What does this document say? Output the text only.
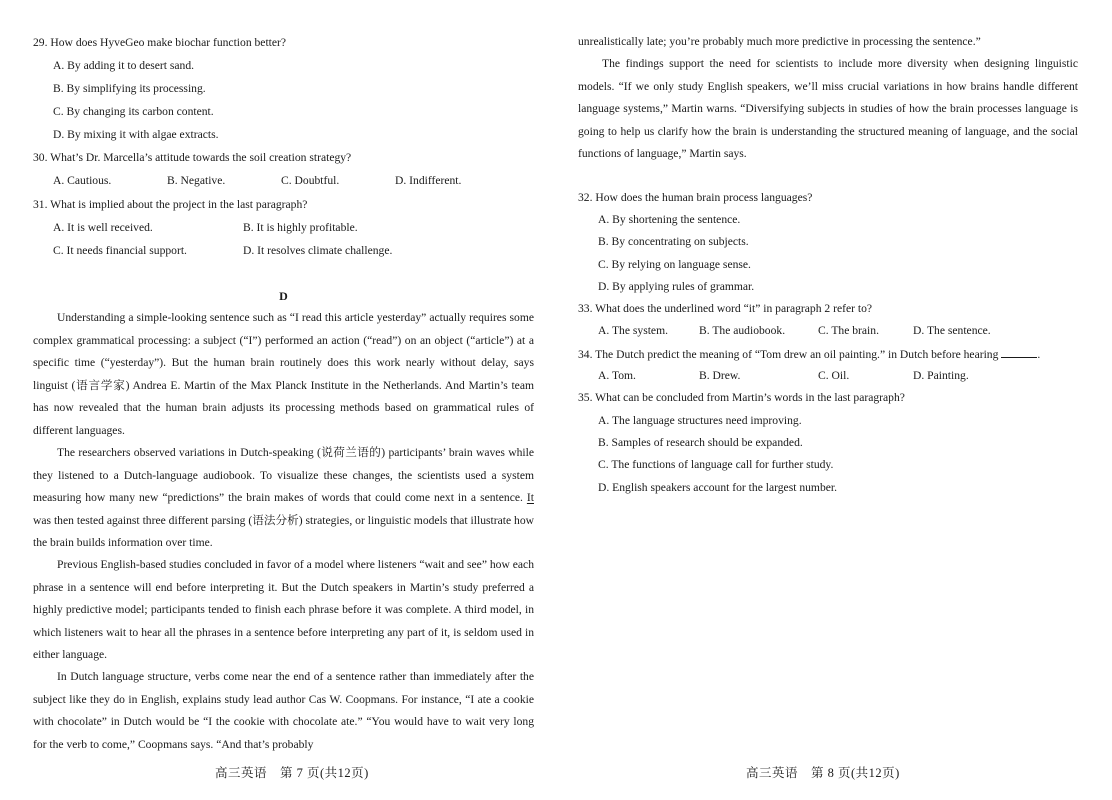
29. How does HyveGeo make biochar function better?
A. By adding it to desert sand.
B. By simplifying its processing.
C. By changing its carbon content.
D. By mixing it with algae extracts.
30. What’s Dr. Marcella’s attitude towards the soil creation strategy?
A. Cautious.	B. Negative.	C. Doubtful.	D. Indifferent.
31. What is implied about the project in the last paragraph?
A. It is well received.	B. It is highly profitable.
C. It needs financial support.	D. It resolves climate challenge.
D
Understanding a simple-looking sentence such as “I read this article yesterday” actually requires some complex grammatical processing: a subject (“I”) performed an action (“read”) on an object (“article”) at a specific time (“yesterday”). But the human brain routinely does this work nearly without delay, says linguist (语言学家) Andrea E. Martin of the Max Planck Institute in the Netherlands. And Martin’s team has now revealed that the human brain adjusts its processing methods based on grammatical rules of different languages.
The researchers observed variations in Dutch-speaking (说荷兰语的) participants’ brain waves while they listened to a Dutch-language audiobook. To visualize these changes, the scientists used a system measuring how many new “predictions” the brain makes of words that could come next in a sentence. It was then tested against three different parsing (语法分析) strategies, or linguistic models that illustrate how the brain builds information over time.
Previous English-based studies concluded in favor of a model where listeners “wait and see” how each phrase in a sentence will end before interpreting it. But the Dutch speakers in Martin’s study preferred a highly predictive model; participants tended to finish each phrase before it was complete. A third model, in which listeners wait to hear all the phrases in a sentence before interpreting any part of it, is seldom used in either language.
In Dutch language structure, verbs come near the end of a sentence rather than immediately after the subject like they do in English, explains study lead author Cas W. Coopmans. For instance, “I ate a cookie with chocolate” in Dutch would be “I the cookie with chocolate ate.” “You would have to wait very long for the verb to come,” Coopmans says. “And that’s probably
高三英语　第 7 页(共12页)
unrealistically late; you’re probably much more predictive in processing the sentence.”
The findings support the need for scientists to include more diversity when designing linguistic models. “If we only study English speakers, we’ll miss crucial variations in how brains handle different language systems,” Martin warns. “Diversifying subjects in studies of how the brain processes language is going to help us clarify how the brain is understanding the structured meaning of language, and the social functions of language,” Martin says.
32. How does the human brain process languages?
A. By shortening the sentence.
B. By concentrating on subjects.
C. By relying on language sense.
D. By applying rules of grammar.
33. What does the underlined word “it” in paragraph 2 refer to?
A. The system.	B. The audiobook.	C. The brain.	D. The sentence.
34. The Dutch predict the meaning of “Tom drew an oil painting.” in Dutch before hearing	.
A. Tom.	B. Drew.	C. Oil.	D. Painting.
35. What can be concluded from Martin’s words in the last paragraph?
A. The language structures need improving.
B. Samples of research should be expanded.
C. The functions of language call for further study.
D. English speakers account for the largest number.
高三英语　第 8 页(共12页)
